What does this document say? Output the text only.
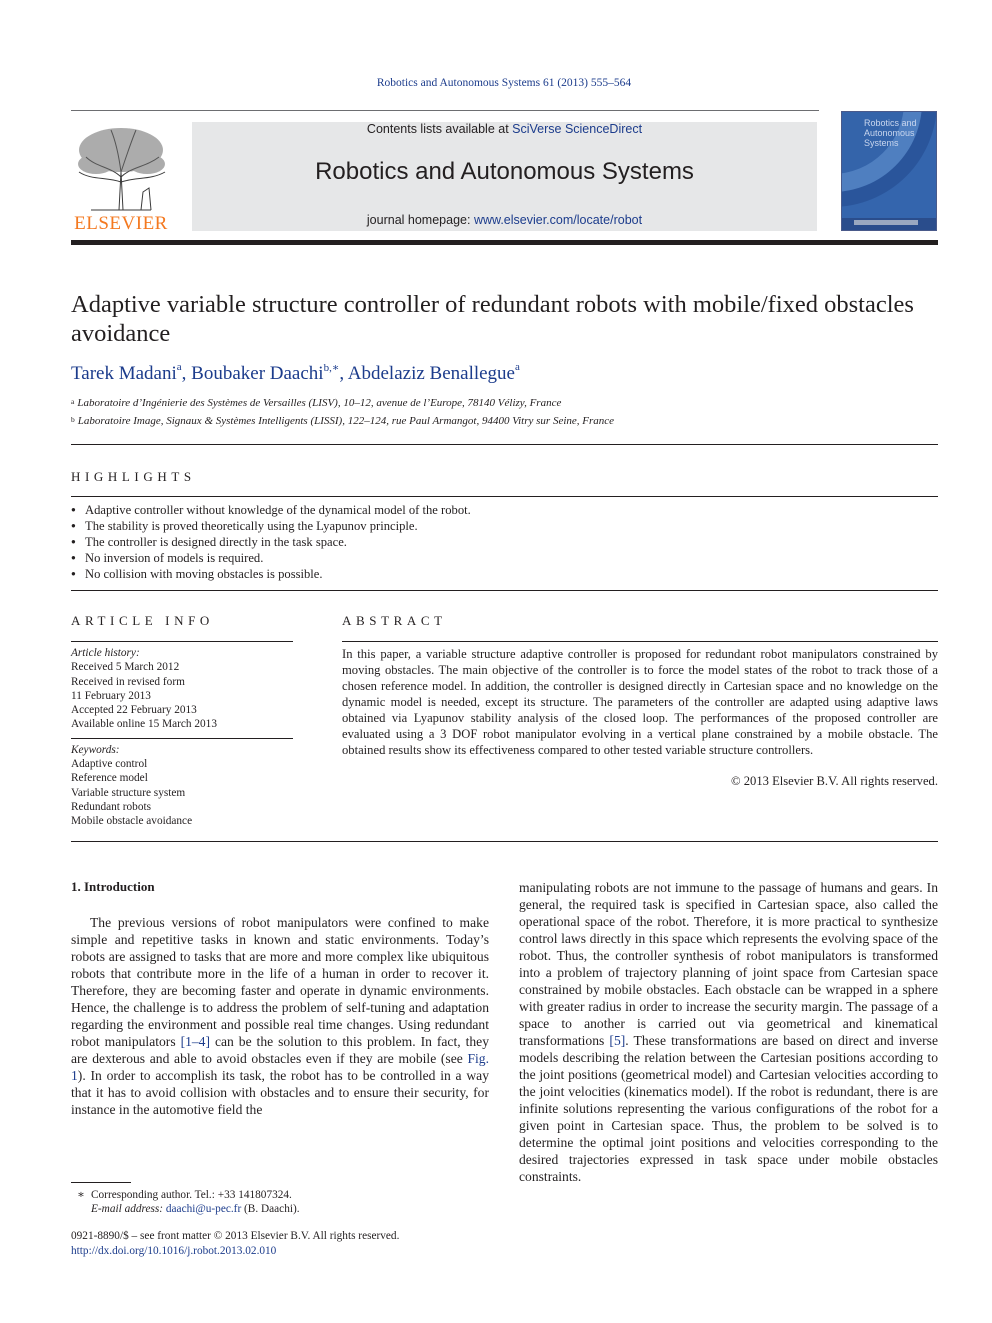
Robotics and Autonomous Systems 61 (2013) 555–564
ELSEVIER
Contents lists available at SciVerse ScienceDirect
Robotics and Autonomous Systems
journal homepage: www.elsevier.com/locate/robot
Robotics and
Autonomous Systems
Adaptive variable structure controller of redundant robots with mobile/fixed obstacles avoidance
Tarek Madani$^a$, Boubaker Daachi$^{b,∗}$, Abdelaziz Benallegue$^a$
$^a$ Laboratoire d’Ingénierie des Systèmes de Versailles (LISV), 10–12, avenue de l’Europe, 78140 Vélizy, France
$^b$ Laboratoire Image, Signaux & Systèmes Intelligents (LISSI), 122–124, rue Paul Armangot, 94400 Vitry sur Seine, France
HIGHLIGHTS
● Adaptive controller without knowledge of the dynamical model of the robot.
● The stability is proved theoretically using the Lyapunov principle.
● The controller is designed directly in the task space.
● No inversion of models is required.
● No collision with moving obstacles is possible.
ARTICLE INFO
Article history:
Received 5 March 2012
Received in revised form
11 February 2013
Accepted 22 February 2013
Available online 15 March 2013
Keywords:
Adaptive control
Reference model
Variable structure system
Redundant robots
Mobile obstacle avoidance
ABSTRACT
In this paper, a variable structure adaptive controller is proposed for redundant robot manipulators constrained by moving obstacles. The main objective of the controller is to force the model states of the robot to track those of a chosen reference model. In addition, the controller is designed directly in Cartesian space and no knowledge on the dynamic model is needed, except its structure. The parameters of the controller are adapted using adaptive laws obtained via Lyapunov stability analysis of the closed loop. The performances of the proposed controller are evaluated using a 3 DOF robot manipulator evolving in a vertical plane constrained by a mobile obstacle. The obtained results show its effectiveness compared to other tested variable structure controllers.
© 2013 Elsevier B.V. All rights reserved.
1. Introduction
The previous versions of robot manipulators were confined to make simple and repetitive tasks in known and static environments. Today’s robots are assigned to tasks that are more and more complex like ubiquitous robots that contribute more in the life of a human in order to recover it. Therefore, they are becoming faster and operate in dynamic environments. Hence, the challenge is to address the problem of self-tuning and adaptation regarding the environment and possible real time changes. Using redundant robot manipulators [1–4] can be the solution to this problem. In fact, they are dexterous and able to avoid obstacles even if they are mobile (see Fig. 1). In order to accomplish its task, the robot has to be controlled in a way that it has to avoid collision with obstacles and to ensure their security, for instance in the automotive field the
manipulating robots are not immune to the passage of humans and gears. In general, the required task is specified in Cartesian space, also called the operational space of the robot. Therefore, it is more practical to synthesize control laws directly in this space which represents the evolving space of the robot. Thus, the controller synthesis of robot manipulators is transformed into a problem of trajectory planning of joint space from Cartesian space constrained by mobile obstacles. Each obstacle can be wrapped in a sphere with greater radius in order to increase the security margin. The passage of a space to another is carried out via geometrical and kinematical transformations [5]. These transformations are based on direct and inverse models describing the relation between the Cartesian positions according to the joint positions (geometrical model) and Cartesian velocities according to the joint velocities (kinematics model). If the robot is redundant, there is are infinite solutions representing the various configurations of the robot for a given point in Cartesian space. Thus, the problem to be solved is to determine the optimal joint positions and velocities corresponding to the desired trajectories expressed in task space under mobile obstacles constraints.
∗ Corresponding author. Tel.: +33 141807324.
E-mail address: daachi@u-pec.fr (B. Daachi).
0921-8890/$ – see front matter © 2013 Elsevier B.V. All rights reserved.
http://dx.doi.org/10.1016/j.robot.2013.02.010
